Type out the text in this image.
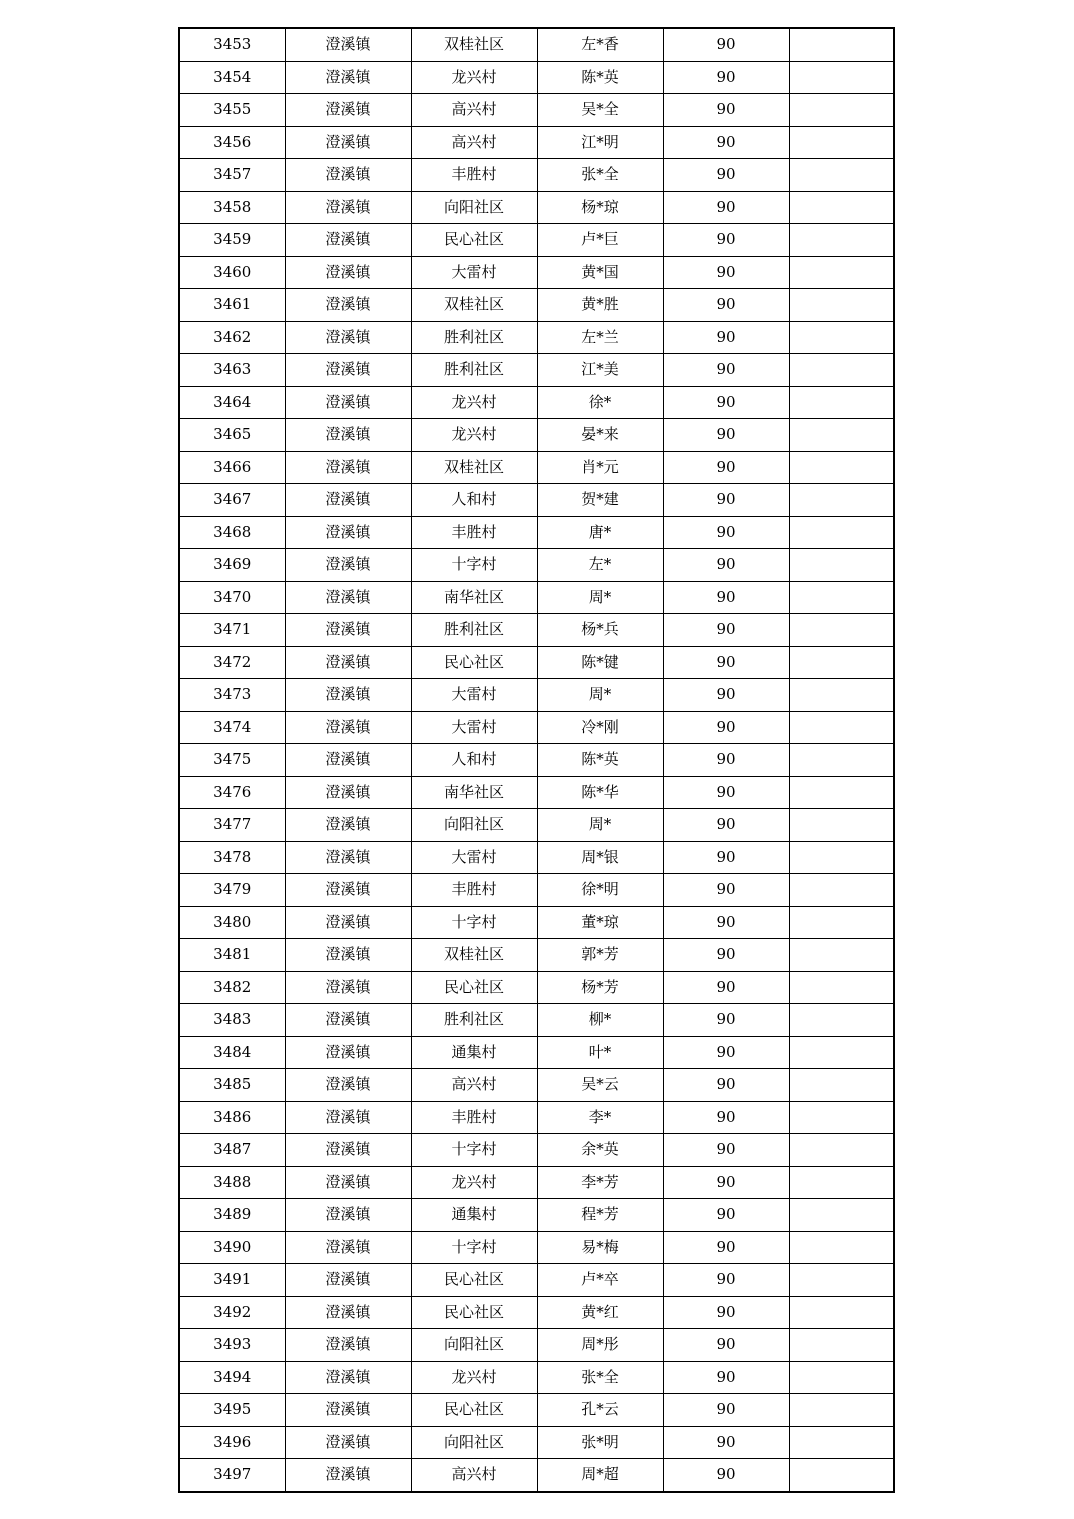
3453	澄溪镇	双桂社区	左*香	90	
3454	澄溪镇	龙兴村	陈*英	90	
3455	澄溪镇	高兴村	吴*全	90	
3456	澄溪镇	高兴村	江*明	90	
3457	澄溪镇	丰胜村	张*全	90	
3458	澄溪镇	向阳社区	杨*琼	90	
3459	澄溪镇	民心社区	卢*巨	90	
3460	澄溪镇	大雷村	黄*国	90	
3461	澄溪镇	双桂社区	黄*胜	90	
3462	澄溪镇	胜利社区	左*兰	90	
3463	澄溪镇	胜利社区	江*美	90	
3464	澄溪镇	龙兴村	徐*	90	
3465	澄溪镇	龙兴村	晏*来	90	
3466	澄溪镇	双桂社区	肖*元	90	
3467	澄溪镇	人和村	贺*建	90	
3468	澄溪镇	丰胜村	唐*	90	
3469	澄溪镇	十字村	左*	90	
3470	澄溪镇	南华社区	周*	90	
3471	澄溪镇	胜利社区	杨*兵	90	
3472	澄溪镇	民心社区	陈*键	90	
3473	澄溪镇	大雷村	周*	90	
3474	澄溪镇	大雷村	冷*刚	90	
3475	澄溪镇	人和村	陈*英	90	
3476	澄溪镇	南华社区	陈*华	90	
3477	澄溪镇	向阳社区	周*	90	
3478	澄溪镇	大雷村	周*银	90	
3479	澄溪镇	丰胜村	徐*明	90	
3480	澄溪镇	十字村	董*琼	90	
3481	澄溪镇	双桂社区	郭*芳	90	
3482	澄溪镇	民心社区	杨*芳	90	
3483	澄溪镇	胜利社区	柳*	90	
3484	澄溪镇	通集村	叶*	90	
3485	澄溪镇	高兴村	吴*云	90	
3486	澄溪镇	丰胜村	李*	90	
3487	澄溪镇	十字村	余*英	90	
3488	澄溪镇	龙兴村	李*芳	90	
3489	澄溪镇	通集村	程*芳	90	
3490	澄溪镇	十字村	易*梅	90	
3491	澄溪镇	民心社区	卢*卒	90	
3492	澄溪镇	民心社区	黄*红	90	
3493	澄溪镇	向阳社区	周*彤	90	
3494	澄溪镇	龙兴村	张*全	90	
3495	澄溪镇	民心社区	孔*云	90	
3496	澄溪镇	向阳社区	张*明	90	
3497	澄溪镇	高兴村	周*超	90	
